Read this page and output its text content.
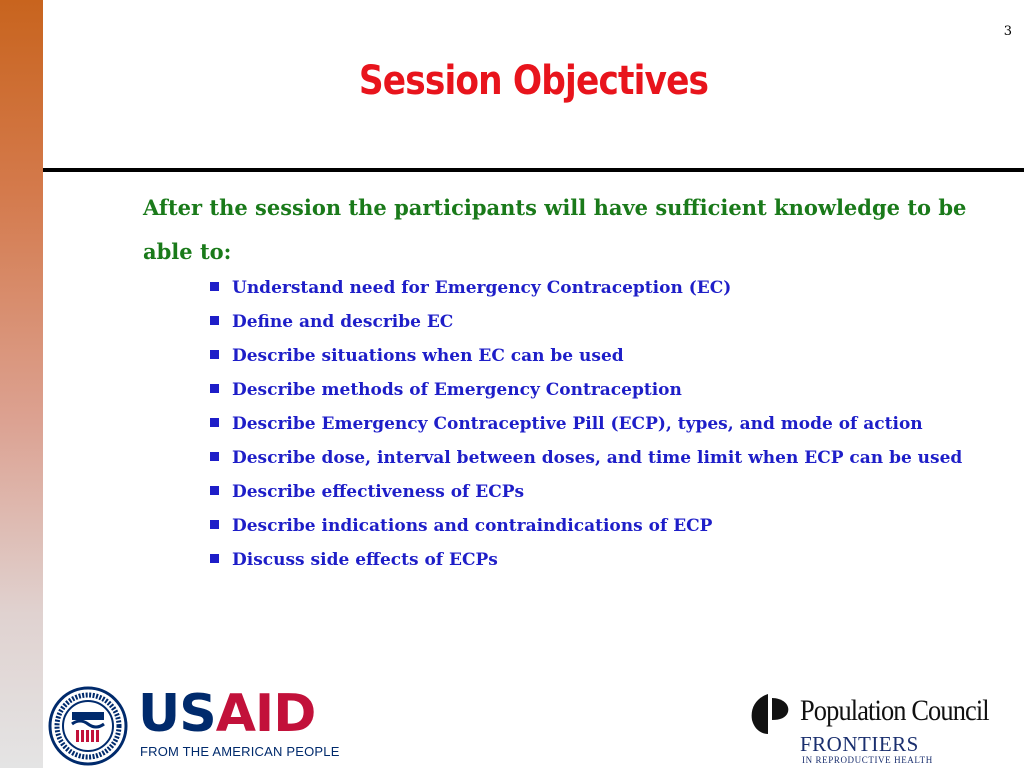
3
Session Objectives
After the session the participants will have sufficient knowledge to be able to:
Understand need for Emergency Contraception (EC)
Define and describe EC
Describe situations when EC can be used
Describe methods of Emergency Contraception
Describe Emergency Contraceptive Pill (ECP), types, and mode of action
Describe dose, interval between doses, and time limit when ECP can be used
Describe effectiveness of ECPs
Describe indications and contraindications of ECP
Discuss side effects of ECPs
USAID
FROM THE AMERICAN PEOPLE
Population Council
FRONTIERS
IN REPRODUCTIVE HEALTH
